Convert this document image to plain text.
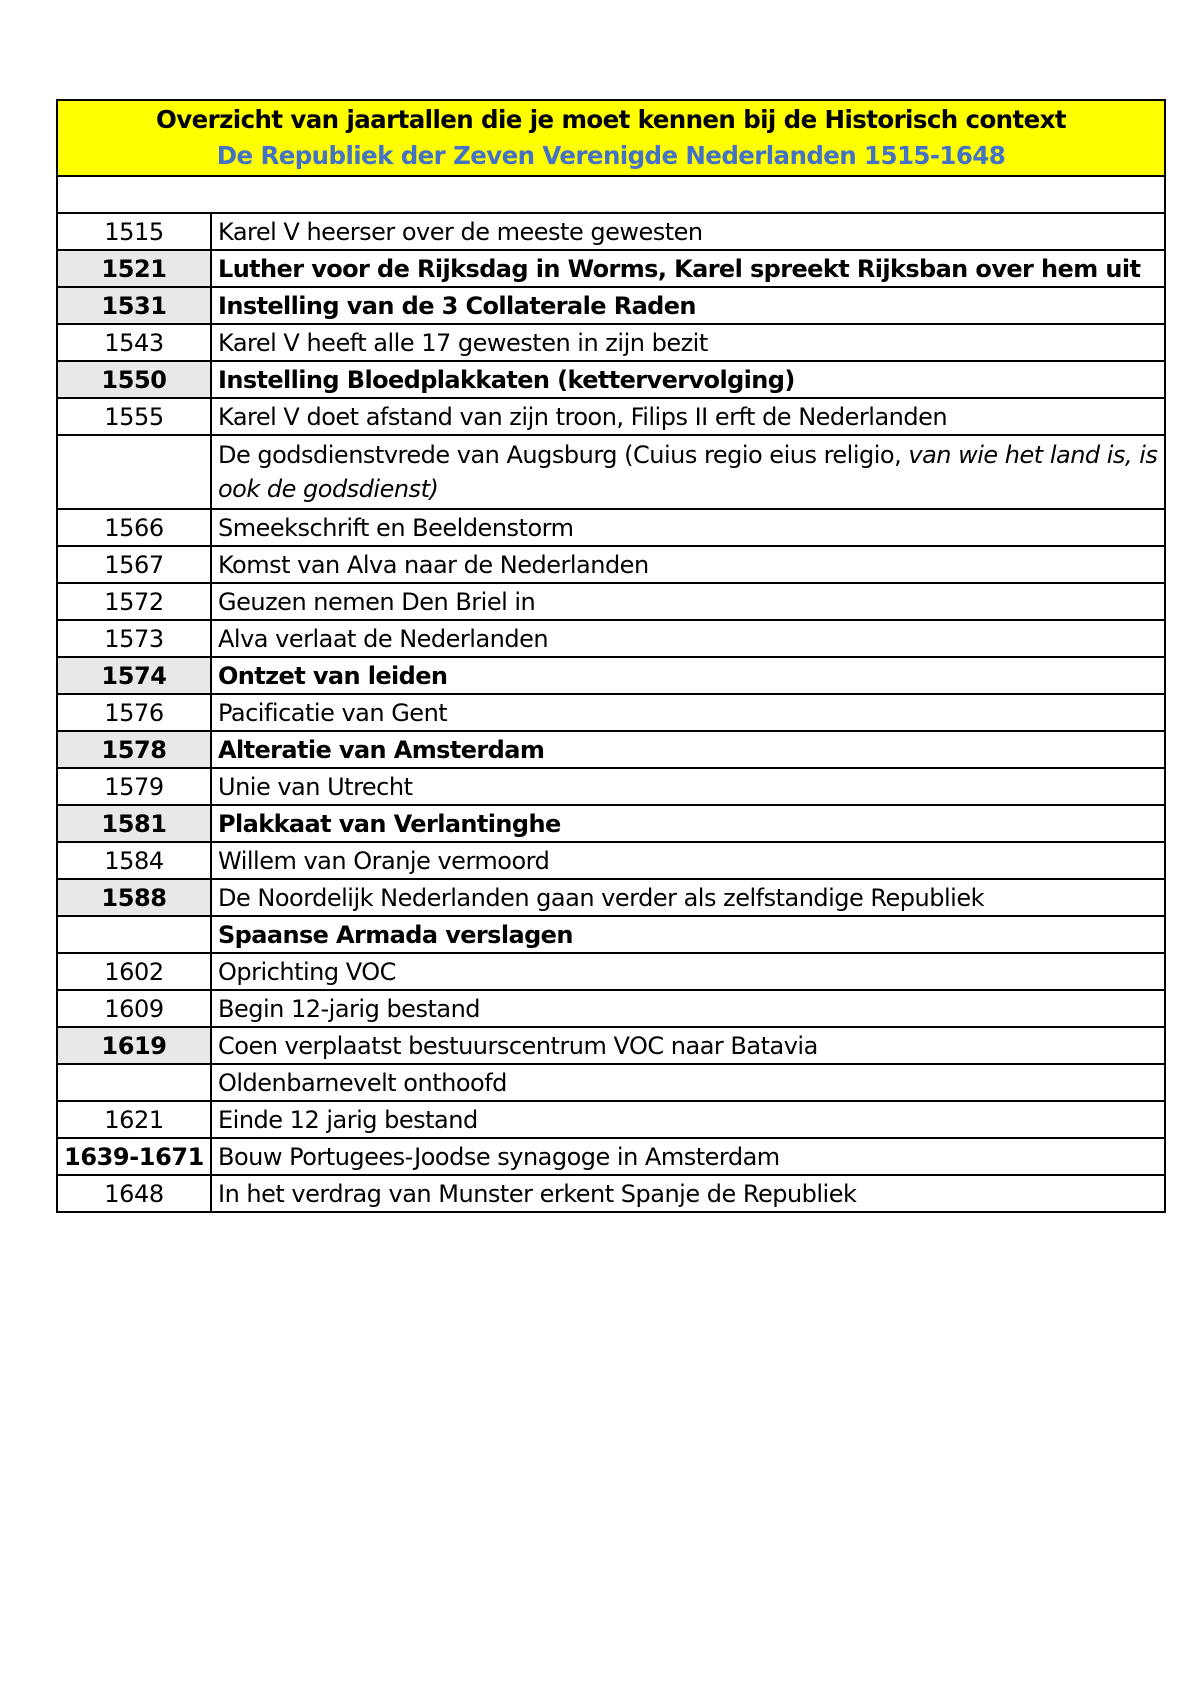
Overzicht van jaartallen die je moet kennen bij de Historisch context
De Republiek der Zeven Verenigde Nederlanden 1515-1648	

1515	Karel V heerser over de meeste gewesten
1521	Luther voor de Rijksdag in Worms, Karel spreekt Rijksban over hem uit
1531	Instelling van de 3 Collaterale Raden
1543	Karel V heeft alle 17 gewesten in zijn bezit
1550	Instelling Bloedplakkaten (kettervervolging)
1555	Karel V doet afstand van zijn troon, Filips II erft de Nederlanden
	De godsdienstvrede van Augsburg (Cuius regio eius religio, van wie het land is, is ook de godsdienst)
1566	Smeekschrift en Beeldenstorm
1567	Komst van Alva naar de Nederlanden
1572	Geuzen nemen Den Briel in
1573	Alva verlaat de Nederlanden
1574	Ontzet van leiden
1576	Pacificatie van Gent
1578	Alteratie van Amsterdam
1579	Unie van Utrecht
1581	Plakkaat van Verlantinghe
1584	Willem van Oranje vermoord
1588	De Noordelijk Nederlanden gaan verder als zelfstandige Republiek
	Spaanse Armada verslagen
1602	Oprichting VOC
1609	Begin 12-jarig bestand
1619	Coen verplaatst bestuurscentrum VOC naar Batavia
	Oldenbarnevelt onthoofd
1621	Einde 12 jarig bestand
1639-1671	Bouw Portugees-Joodse synagoge in Amsterdam
1648	In het verdrag van Munster erkent Spanje de Republiek
